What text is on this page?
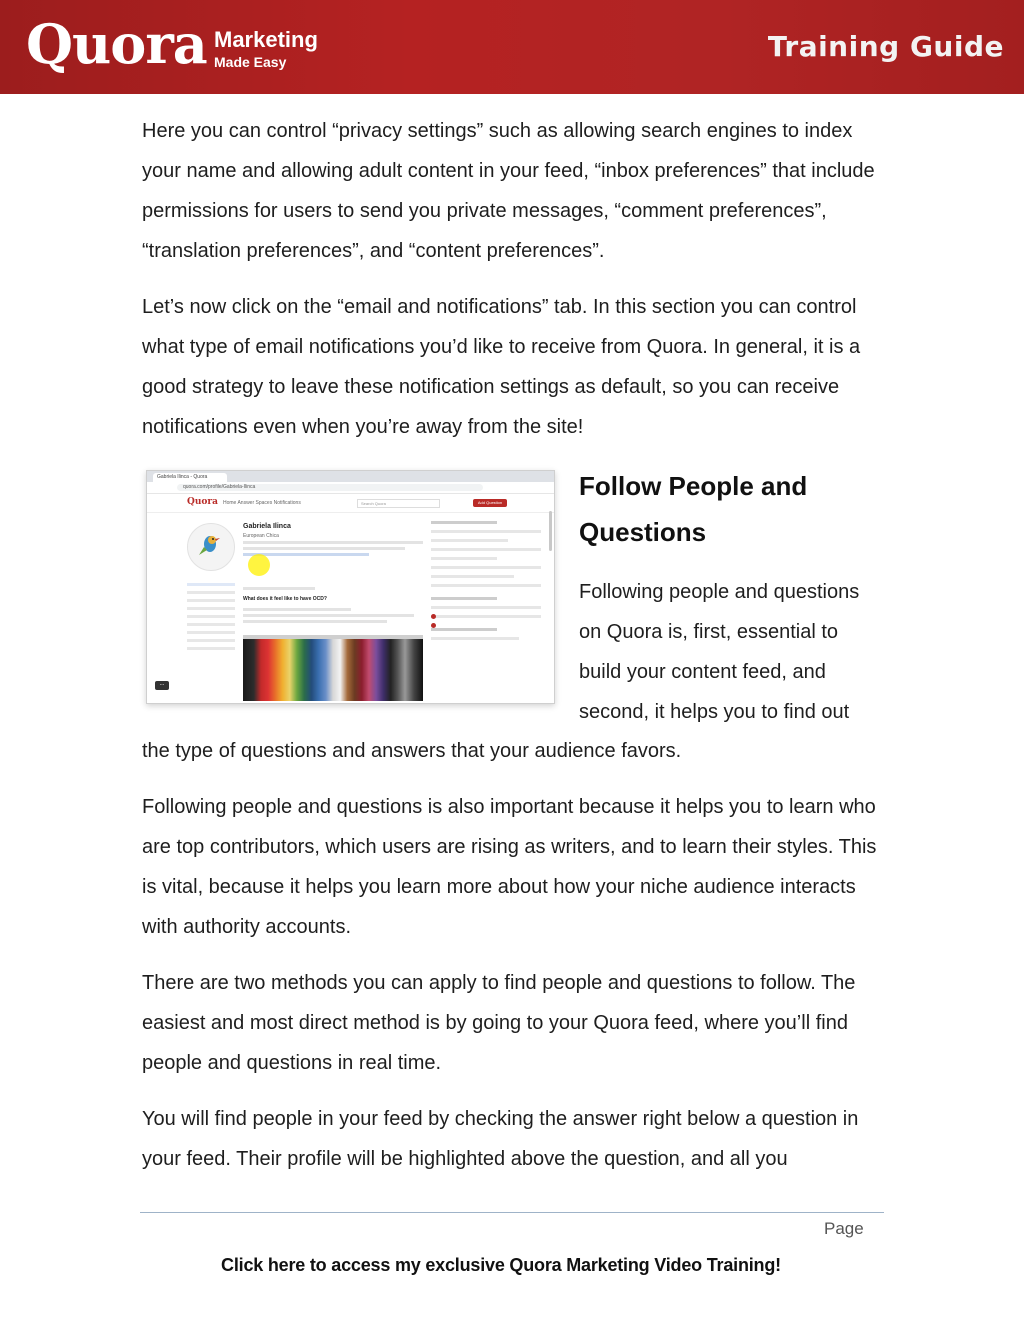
Quora Marketing
Made Easy	Training Guide

Here you can control “privacy settings” such as allowing search engines to index your name and allowing adult content in your feed, “inbox preferences” that include permissions for users to send you private messages, “comment preferences”, “translation preferences”, and “content preferences”.

Let’s now click on the “email and notifications” tab. In this section you can control what type of email notifications you’d like to receive from Quora. In general, it is a good strategy to leave these notification settings as default, so you can receive notifications even when you’re away from the site!

Gabriela Ilinca - Quora
quora.com/profile/Gabriela-Ilinca
Quora Home Answer Spaces Notifications	Search Quora	Add Question
Gabriela Ilinca
European Chica
What does it feel like to have OCD?
...
Follow People and
Questions

Following people and questions on Quora is, first, essential to build your content feed, and second, it helps you to find out

the type of questions and answers that your audience favors.

Following people and questions is also important because it helps you to learn who are top contributors, which users are rising as writers, and to learn their styles. This is vital, because it helps you learn more about how your niche audience interacts with authority accounts.

There are two methods you can apply to find people and questions to follow. The easiest and most direct method is by going to your Quora feed, where you’ll find people and questions in real time.

You will find people in your feed by checking the answer right below a question in your feed. Their profile will be highlighted above the question, and all you

Page
Click here to access my exclusive Quora Marketing Video Training!
